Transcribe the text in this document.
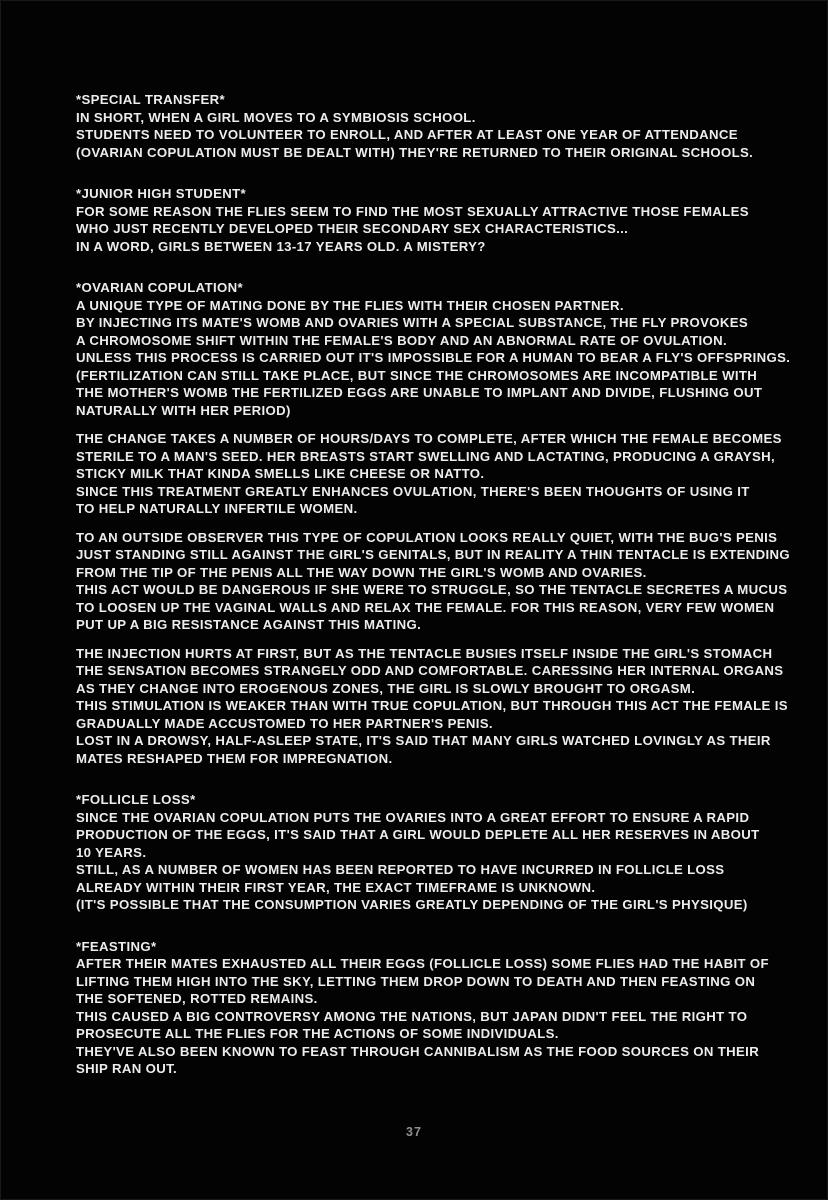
*SPECIAL TRANSFER*
IN SHORT, WHEN A GIRL MOVES TO A SYMBIOSIS SCHOOL.
STUDENTS NEED TO VOLUNTEER TO ENROLL, AND AFTER AT LEAST ONE YEAR OF ATTENDANCE
(OVARIAN COPULATION MUST BE DEALT WITH) THEY'RE RETURNED TO THEIR ORIGINAL SCHOOLS.
*JUNIOR HIGH STUDENT*
FOR SOME REASON THE FLIES SEEM TO FIND THE MOST SEXUALLY ATTRACTIVE THOSE FEMALES
WHO JUST RECENTLY DEVELOPED THEIR SECONDARY SEX CHARACTERISTICS...
IN A WORD, GIRLS BETWEEN 13-17 YEARS OLD. A MISTERY?
*OVARIAN COPULATION*
A UNIQUE TYPE OF MATING DONE BY THE FLIES WITH THEIR CHOSEN PARTNER.
BY INJECTING ITS MATE'S WOMB AND OVARIES WITH A SPECIAL SUBSTANCE, THE FLY PROVOKES
A CHROMOSOME SHIFT WITHIN THE FEMALE'S BODY AND AN ABNORMAL RATE OF OVULATION.
UNLESS THIS PROCESS IS CARRIED OUT IT'S IMPOSSIBLE FOR A HUMAN TO BEAR A FLY'S OFFSPRINGS.
(FERTILIZATION CAN STILL TAKE PLACE, BUT SINCE THE CHROMOSOMES ARE INCOMPATIBLE WITH
THE MOTHER'S WOMB THE FERTILIZED EGGS ARE UNABLE TO IMPLANT AND DIVIDE, FLUSHING OUT
NATURALLY WITH HER PERIOD)
THE CHANGE TAKES A NUMBER OF HOURS/DAYS TO COMPLETE, AFTER WHICH THE FEMALE BECOMES
STERILE TO A MAN'S SEED. HER BREASTS START SWELLING AND LACTATING, PRODUCING A GRAYSH,
STICKY MILK THAT KINDA SMELLS LIKE CHEESE OR NATTO.
SINCE THIS TREATMENT GREATLY ENHANCES OVULATION, THERE'S BEEN THOUGHTS OF USING IT
TO HELP NATURALLY INFERTILE WOMEN.
TO AN OUTSIDE OBSERVER THIS TYPE OF COPULATION LOOKS REALLY QUIET, WITH THE BUG'S PENIS
JUST STANDING STILL AGAINST THE GIRL'S GENITALS, BUT IN REALITY A THIN TENTACLE IS EXTENDING
FROM THE TIP OF THE PENIS ALL THE WAY DOWN THE GIRL'S WOMB AND OVARIES.
THIS ACT WOULD BE DANGEROUS IF SHE WERE TO STRUGGLE, SO THE TENTACLE SECRETES A MUCUS
TO LOOSEN UP THE VAGINAL WALLS AND RELAX THE FEMALE. FOR THIS REASON, VERY FEW WOMEN
PUT UP A BIG RESISTANCE AGAINST THIS MATING.
THE INJECTION HURTS AT FIRST, BUT AS THE TENTACLE BUSIES ITSELF INSIDE THE GIRL'S STOMACH
THE SENSATION BECOMES STRANGELY ODD AND COMFORTABLE. CARESSING HER INTERNAL ORGANS
AS THEY CHANGE INTO EROGENOUS ZONES, THE GIRL IS SLOWLY BROUGHT TO ORGASM.
THIS STIMULATION IS WEAKER THAN WITH TRUE COPULATION, BUT THROUGH THIS ACT THE FEMALE IS
GRADUALLY MADE ACCUSTOMED TO HER PARTNER'S PENIS.
LOST IN A DROWSY, HALF-ASLEEP STATE, IT'S SAID THAT MANY GIRLS WATCHED LOVINGLY AS THEIR
MATES RESHAPED THEM FOR IMPREGNATION.
*FOLLICLE LOSS*
SINCE THE OVARIAN COPULATION PUTS THE OVARIES INTO A GREAT EFFORT TO ENSURE A RAPID
PRODUCTION OF THE EGGS, IT'S SAID THAT A GIRL WOULD DEPLETE ALL HER RESERVES IN ABOUT
10 YEARS.
STILL, AS A NUMBER OF WOMEN HAS BEEN REPORTED TO HAVE INCURRED IN FOLLICLE LOSS
ALREADY WITHIN THEIR FIRST YEAR, THE EXACT TIMEFRAME IS UNKNOWN.
(IT'S POSSIBLE THAT THE CONSUMPTION VARIES GREATLY DEPENDING OF THE GIRL'S PHYSIQUE)
*FEASTING*
AFTER THEIR MATES EXHAUSTED ALL THEIR EGGS (FOLLICLE LOSS) SOME FLIES HAD THE HABIT OF
LIFTING THEM HIGH INTO THE SKY, LETTING THEM DROP DOWN TO DEATH AND THEN FEASTING ON
THE SOFTENED, ROTTED REMAINS.
THIS CAUSED A BIG CONTROVERSY AMONG THE NATIONS, BUT JAPAN DIDN'T FEEL THE RIGHT TO
PROSECUTE ALL THE FLIES FOR THE ACTIONS OF SOME INDIVIDUALS.
THEY'VE ALSO BEEN KNOWN TO FEAST THROUGH CANNIBALISM AS THE FOOD SOURCES ON THEIR
SHIP RAN OUT.
37
